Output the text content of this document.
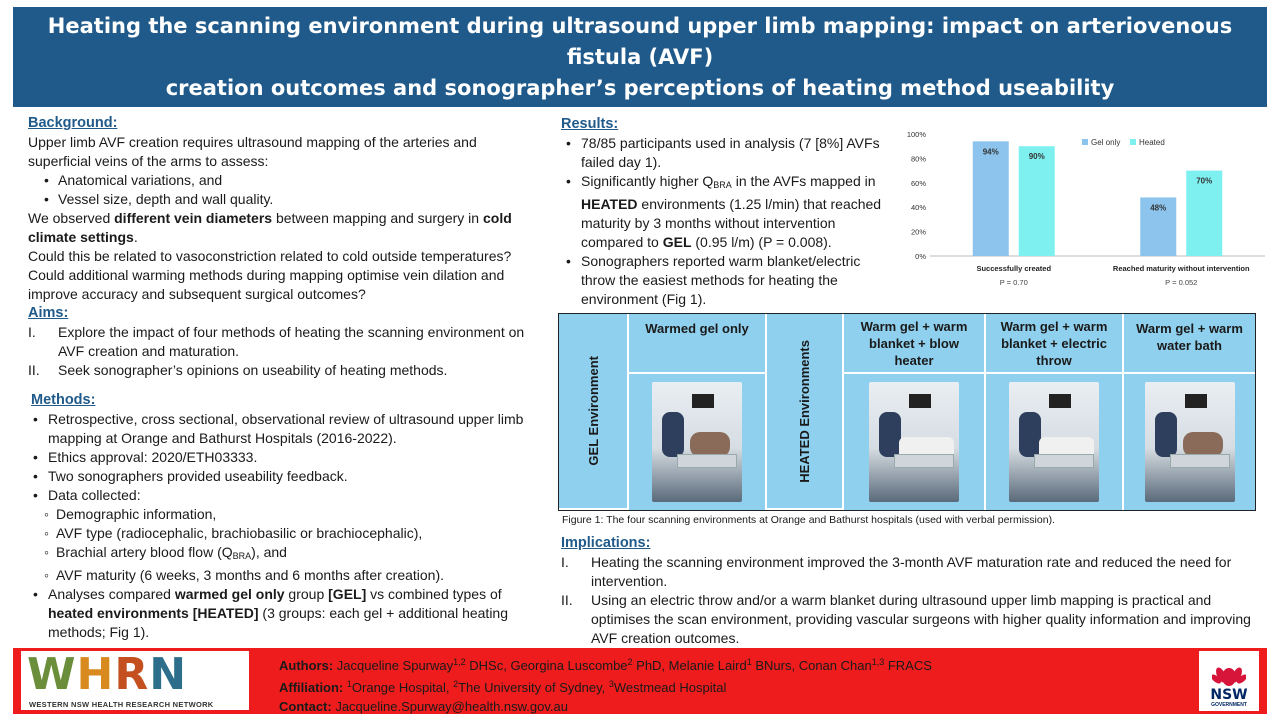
Heating the scanning environment during ultrasound upper limb mapping: impact on arteriovenous fistula (AVF)
creation outcomes and sonographer’s perceptions of heating method useability
Background:
Upper limb AVF creation requires ultrasound mapping of the arteries and superficial veins of the arms to assess:
• Anatomical variations, and
• Vessel size, depth and wall quality.
We observed different vein diameters between mapping and surgery in cold climate settings.
Could this be related to vasoconstriction related to cold outside temperatures? Could additional warming methods during mapping optimise vein dilation and improve accuracy and subsequent surgical outcomes?
Aims:
I. Explore the impact of four methods of heating the scanning environment on AVF creation and maturation.
II. Seek sonographer’s opinions on useability of heating methods.
Methods:
• Retrospective, cross sectional, observational review of ultrasound upper limb mapping at Orange and Bathurst Hospitals (2016-2022).
• Ethics approval: 2020/ETH03333.
• Two sonographers provided useability feedback.
• Data collected:
◦ Demographic information,
◦ AVF type (radiocephalic, brachiobasilic or brachiocephalic),
◦ Brachial artery blood flow $(Q_{BRA})$, and
◦ AVF maturity (6 weeks, 3 months and 6 months after creation).
• Analyses compared warmed gel only group [GEL] vs combined types of heated environments [HEATED] (3 groups: each gel + additional heating methods; Fig 1).
Results:
• 78/85 participants used in analysis (7 [8%] AVFs failed day 1).
• Significantly higher $Q_{BRA}$ in the AVFs mapped in HEATED environments (1.25 l/min) that reached maturity by 3 months without intervention compared to GEL (0.95 l/m) (P = 0.008).
• Sonographers reported warm blanket/electric throw the easiest methods for heating the environment (Fig 1).
0%
20%
40%
60%
80%
100%
94%
90%
Successfully created
P = 0.70
48%
70%
Reached maturity without intervention
P = 0.052
Gel only Heated
GEL Environment
Warmed gel only
HEATED Environments
Warm gel + warm blanket + blow heater
Warm gel + warm blanket + electric throw
Warm gel + warm water bath
Figure 1: The four scanning environments at Orange and Bathurst hospitals (used with verbal permission).
Implications:
I. Heating the scanning environment improved the 3-month AVF maturation rate and reduced the need for intervention.
II. Using an electric throw and/or a warm blanket during ultrasound upper limb mapping is practical and optimises the scan environment, providing vascular surgeons with higher quality information and improving AVF creation outcomes.
WHRN
WESTERN NSW HEALTH RESEARCH NETWORK
Authors: Jacqueline Spurway$^{1,2}$ DHSc, Georgina Luscombe$^2$ PhD, Melanie Laird$^1$ BNurs, Conan Chan$^{1,3}$ FRACS
Affiliation: $^1$Orange Hospital, $^2$The University of Sydney, $^3$Westmead Hospital
Contact: Jacqueline.Spurway@health.nsw.gov.au
NSW
GOVERNMENT
